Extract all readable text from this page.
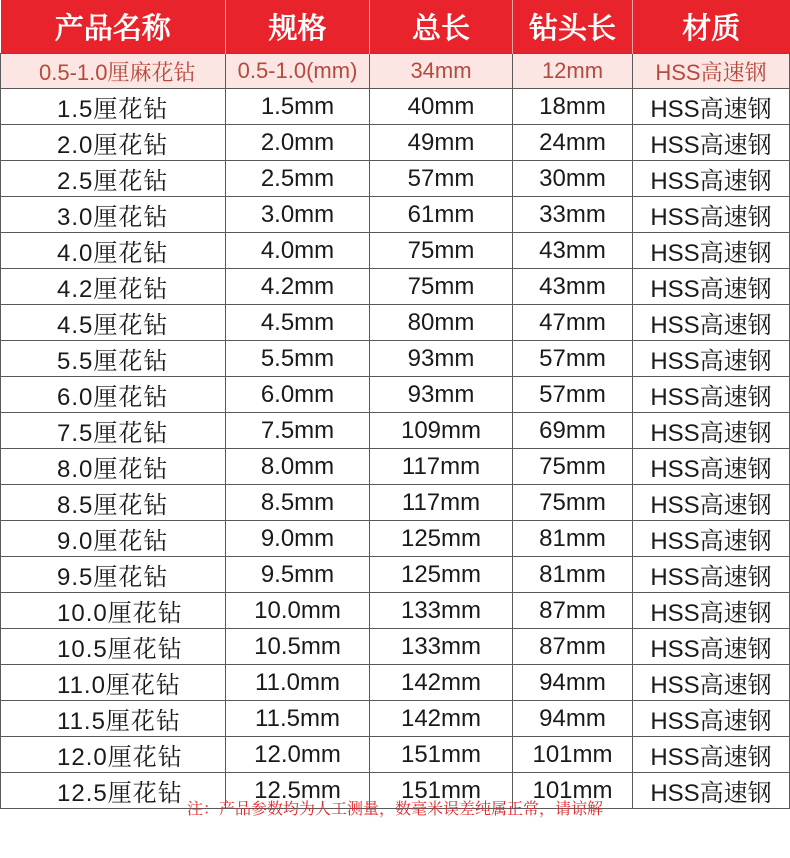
产品名称	规格	总长	钻头长	材质
0.5-1.0厘麻花钻	0.5-1.0(mm)	34mm	12mm	HSS高速钢
1.5厘花钻	1.5mm	40mm	18mm	HSS高速钢
2.0厘花钻	2.0mm	49mm	24mm	HSS高速钢
2.5厘花钻	2.5mm	57mm	30mm	HSS高速钢
3.0厘花钻	3.0mm	61mm	33mm	HSS高速钢
4.0厘花钻	4.0mm	75mm	43mm	HSS高速钢
4.2厘花钻	4.2mm	75mm	43mm	HSS高速钢
4.5厘花钻	4.5mm	80mm	47mm	HSS高速钢
5.5厘花钻	5.5mm	93mm	57mm	HSS高速钢
6.0厘花钻	6.0mm	93mm	57mm	HSS高速钢
7.5厘花钻	7.5mm	109mm	69mm	HSS高速钢
8.0厘花钻	8.0mm	117mm	75mm	HSS高速钢
8.5厘花钻	8.5mm	117mm	75mm	HSS高速钢
9.0厘花钻	9.0mm	125mm	81mm	HSS高速钢
9.5厘花钻	9.5mm	125mm	81mm	HSS高速钢
10.0厘花钻	10.0mm	133mm	87mm	HSS高速钢
10.5厘花钻	10.5mm	133mm	87mm	HSS高速钢
11.0厘花钻	11.0mm	142mm	94mm	HSS高速钢
11.5厘花钻	11.5mm	142mm	94mm	HSS高速钢
12.0厘花钻	12.0mm	151mm	101mm	HSS高速钢
12.5厘花钻	12.5mm	151mm	101mm	HSS高速钢
注：产品参数均为人工测量，数毫米误差纯属正常，请谅解
